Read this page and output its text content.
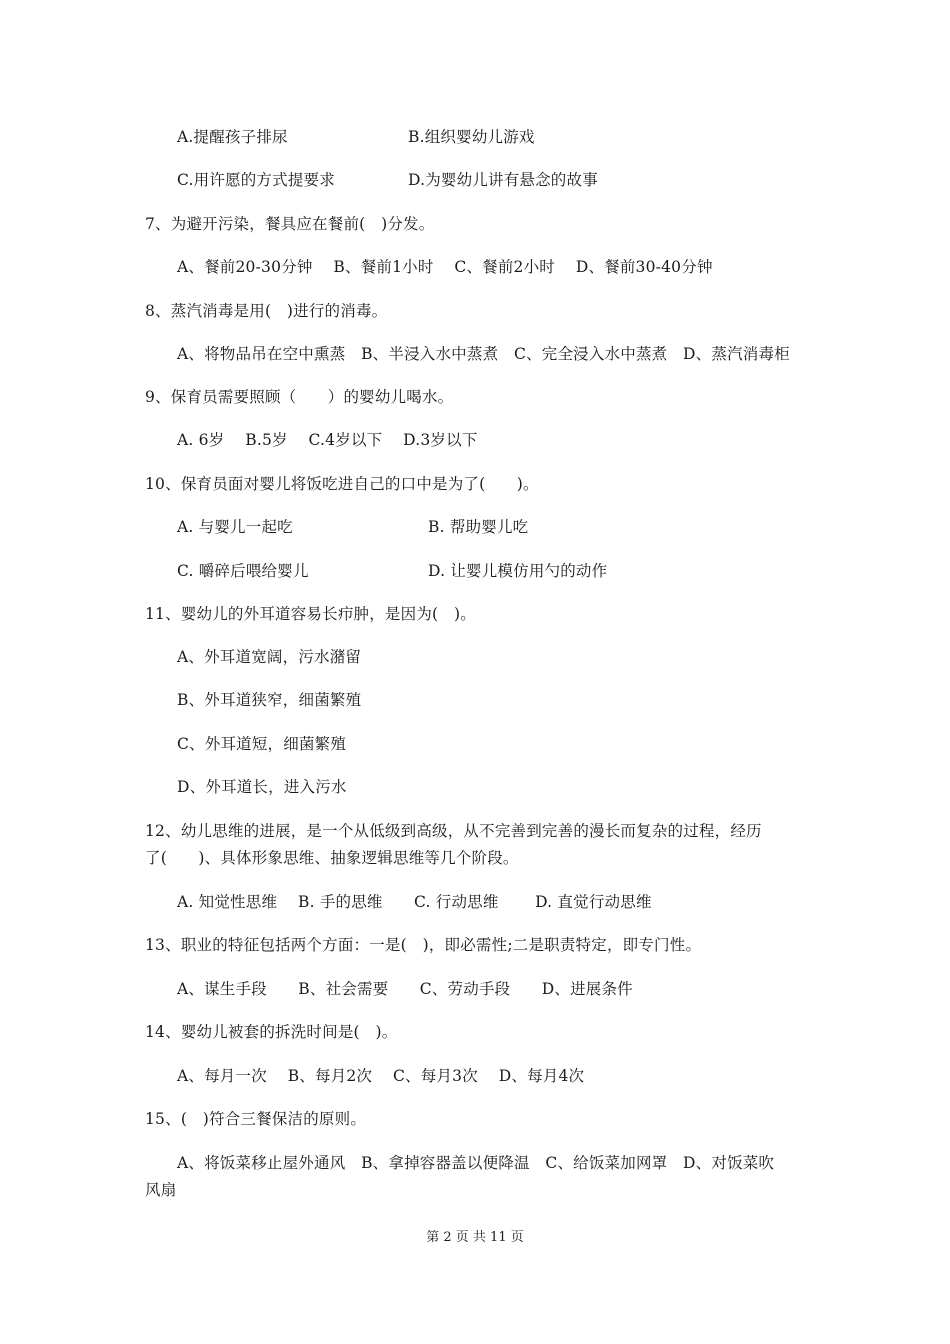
A.提醒孩子排尿	B.组织婴幼儿游戏
C.用许愿的方式提要求	D.为婴幼儿讲有悬念的故事
7、为避开污染，餐具应在餐前(　)分发。
A、餐前20-30分钟　 B、餐前1小时　 C、餐前2小时　 D、餐前30-40分钟
8、蒸汽消毒是用(　)进行的消毒。
A、将物品吊在空中熏蒸　B、半浸入水中蒸煮　C、完全浸入水中蒸煮　D、蒸汽消毒柜
9、保育员需要照顾（　　）的婴幼儿喝水。
A. 6岁　 B.5岁　 C.4岁以下　 D.3岁以下
10、保育员面对婴儿将饭吃进自己的口中是为了(　　)。
A. 与婴儿一起吃	B. 帮助婴儿吃
C. 嚼碎后喂给婴儿	D. 让婴儿模仿用勺的动作
11、婴幼儿的外耳道容易长疖肿，是因为(　)。
A、外耳道宽阔，污水潴留
B、外耳道狭窄，细菌繁殖
C、外耳道短，细菌繁殖
D、外耳道长，进入污水
12、幼儿思维的进展，是一个从低级到高级，从不完善到完善的漫长而复杂的过程，经历
了(　　)、具体形象思维、抽象逻辑思维等几个阶段。
A. 知觉性思维　 B. 手的思维　　C. 行动思维　　 D. 直觉行动思维
13、职业的特征包括两个方面：一是(　)，即必需性;二是职责特定，即专门性。
A、谋生手段　　B、社会需要　　C、劳动手段　　D、进展条件
14、婴幼儿被套的拆洗时间是(　)。
A、每月一次　 B、每月2次　 C、每月3次　 D、每月4次
15、(　)符合三餐保洁的原则。
A、将饭菜移止屋外通风　B、拿掉容器盖以便降温　C、给饭菜加网罩　D、对饭菜吹
风扇
第 2 页 共 11 页
